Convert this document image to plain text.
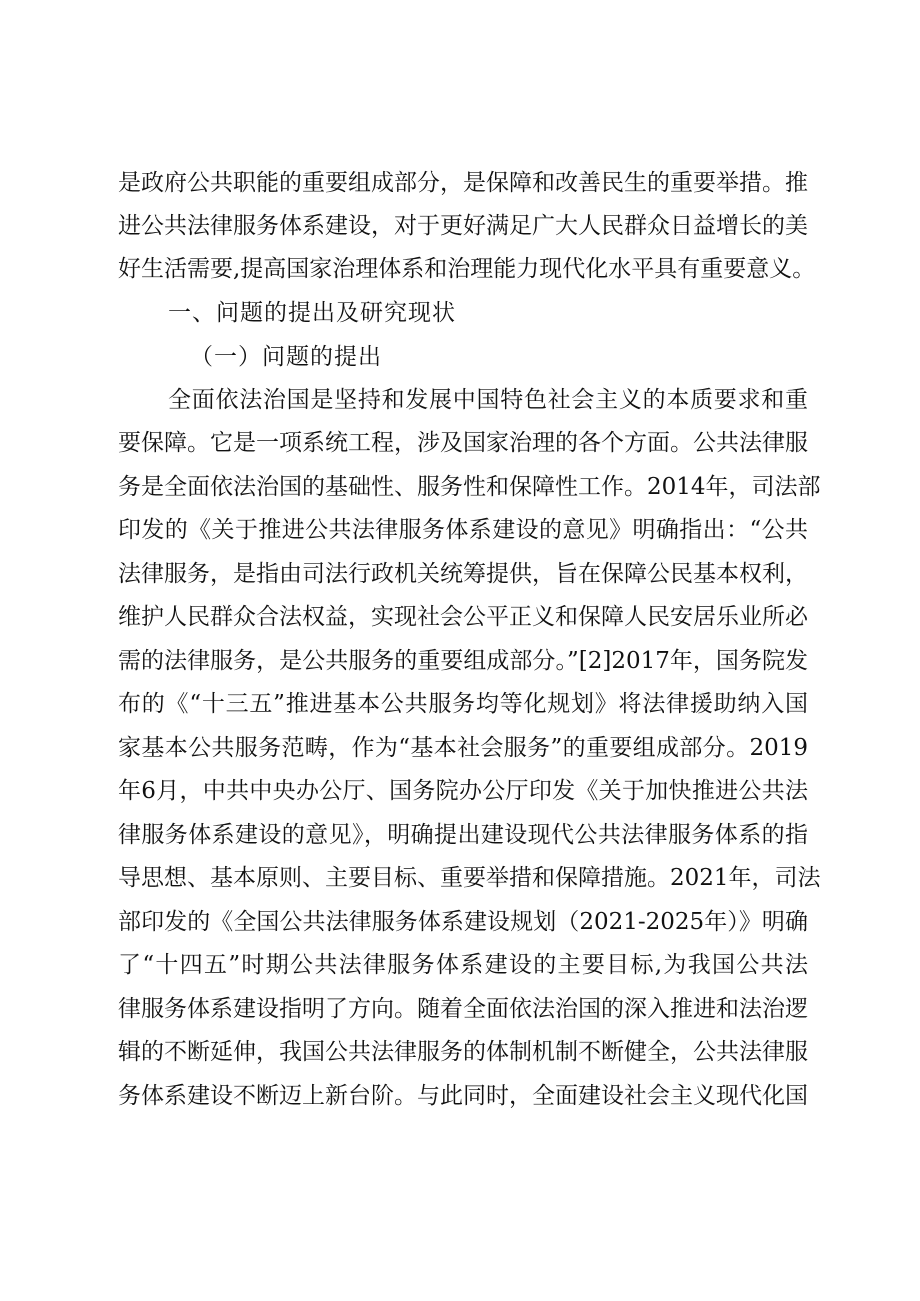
是政府公共职能的重要组成部分，是保障和改善民生的重要举措。推
进公共法律服务体系建设，对于更好满足广大人民群众日益增长的美
好生活需要,提高国家治理体系和治理能力现代化水平具有重要意义。
一、问题的提出及研究现状
（一）问题的提出
全面依法治国是坚持和发展中国特色社会主义的本质要求和重
要保障。它是一项系统工程，涉及国家治理的各个方面。公共法律服
务是全面依法治国的基础性、服务性和保障性工作。2014年，司法部
印发的《关于推进公共法律服务体系建设的意见》明确指出：“公共
法律服务，是指由司法行政机关统筹提供，旨在保障公民基本权利，
维护人民群众合法权益，实现社会公平正义和保障人民安居乐业所必
需的法律服务，是公共服务的重要组成部分。”[2]2017年，国务院发
布的《“十三五”推进基本公共服务均等化规划》将法律援助纳入国
家基本公共服务范畴，作为“基本社会服务”的重要组成部分。2019
年6月，中共中央办公厅、国务院办公厅印发《关于加快推进公共法
律服务体系建设的意见》，明确提出建设现代公共法律服务体系的指
导思想、基本原则、主要目标、重要举措和保障措施。2021年，司法
部印发的《全国公共法律服务体系建设规划（2021-2025年）》明确
了“十四五”时期公共法律服务体系建设的主要目标,为我国公共法
律服务体系建设指明了方向。随着全面依法治国的深入推进和法治逻
辑的不断延伸，我国公共法律服务的体制机制不断健全，公共法律服
务体系建设不断迈上新台阶。与此同时，全面建设社会主义现代化国
